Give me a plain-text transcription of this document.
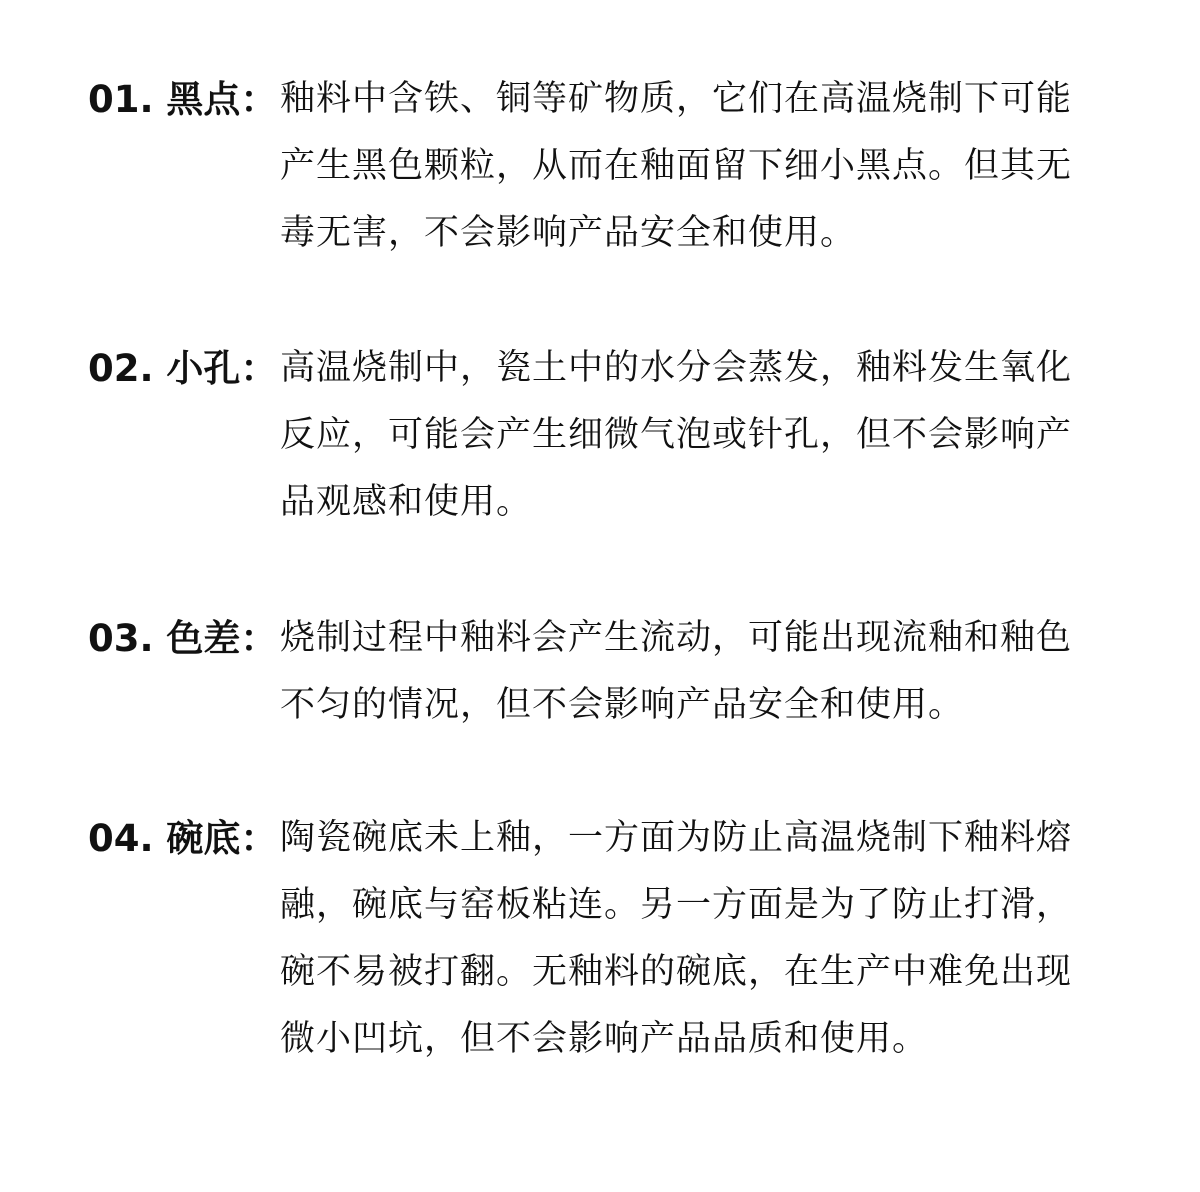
01. 黑点： 釉料中含铁、铜等矿物质，它们在高温烧制下可能
产生黑色颗粒，从而在釉面留下细小黑点。但其无
毒无害，不会影响产品安全和使用。
02. 小孔： 高温烧制中，瓷土中的水分会蒸发，釉料发生氧化
反应，可能会产生细微气泡或针孔，但不会影响产
品观感和使用。
03. 色差： 烧制过程中釉料会产生流动，可能出现流釉和釉色
不匀的情况，但不会影响产品安全和使用。
04. 碗底： 陶瓷碗底未上釉，一方面为防止高温烧制下釉料熔
融，碗底与窑板粘连。另一方面是为了防止打滑，
碗不易被打翻。无釉料的碗底，在生产中难免出现
微小凹坑，但不会影响产品品质和使用。
